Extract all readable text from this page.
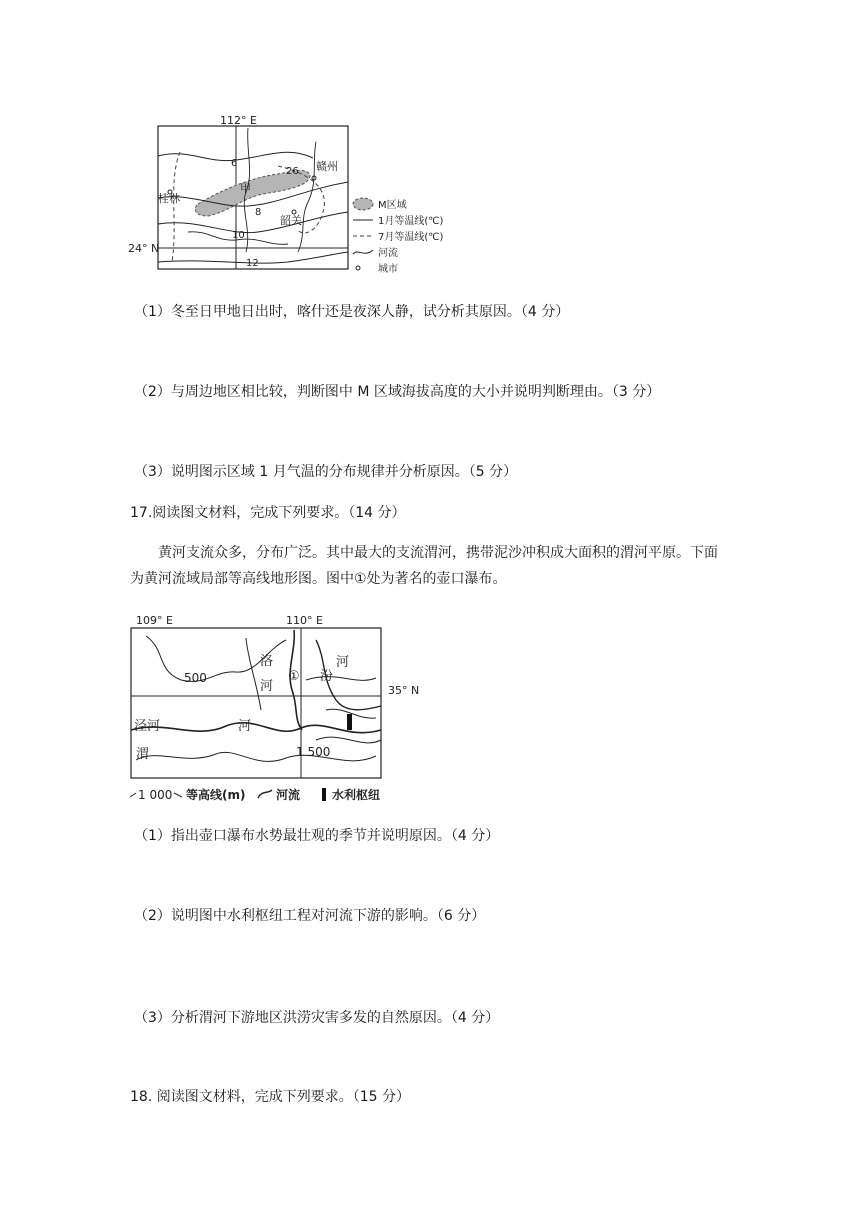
112° E
24° N
6
8
10
12
26
甲
赣州
桂林
韶关
M区域
1月等温线(℃)
7月等温线(℃)
河流
城市
（1）冬至日甲地日出时，喀什还是夜深人静，试分析其原因。（4 分）
（2）与周边地区相比较，判断图中 M 区域海拔高度的大小并说明判断理由。（3 分）
（3）说明图示区域 1 月气温的分布规律并分析原因。（5 分）
17.阅读图文材料，完成下列要求。（14 分）
黄河支流众多，分布广泛。其中最大的支流渭河，携带泥沙冲积成大面积的渭河平原。下面为黄河流域局部等高线地形图。图中①处为著名的壶口瀑布。
109° E	110° E
35° N
500
1 500
洛
河
河
河
汾
①
泾河
渭
1 000 等高线(m)	河流	水利枢纽
（1）指出壶口瀑布水势最壮观的季节并说明原因。（4 分）
（2）说明图中水利枢纽工程对河流下游的影响。（6 分）
（3）分析渭河下游地区洪涝灾害多发的自然原因。（4 分）
18. 阅读图文材料，完成下列要求。（15 分）
